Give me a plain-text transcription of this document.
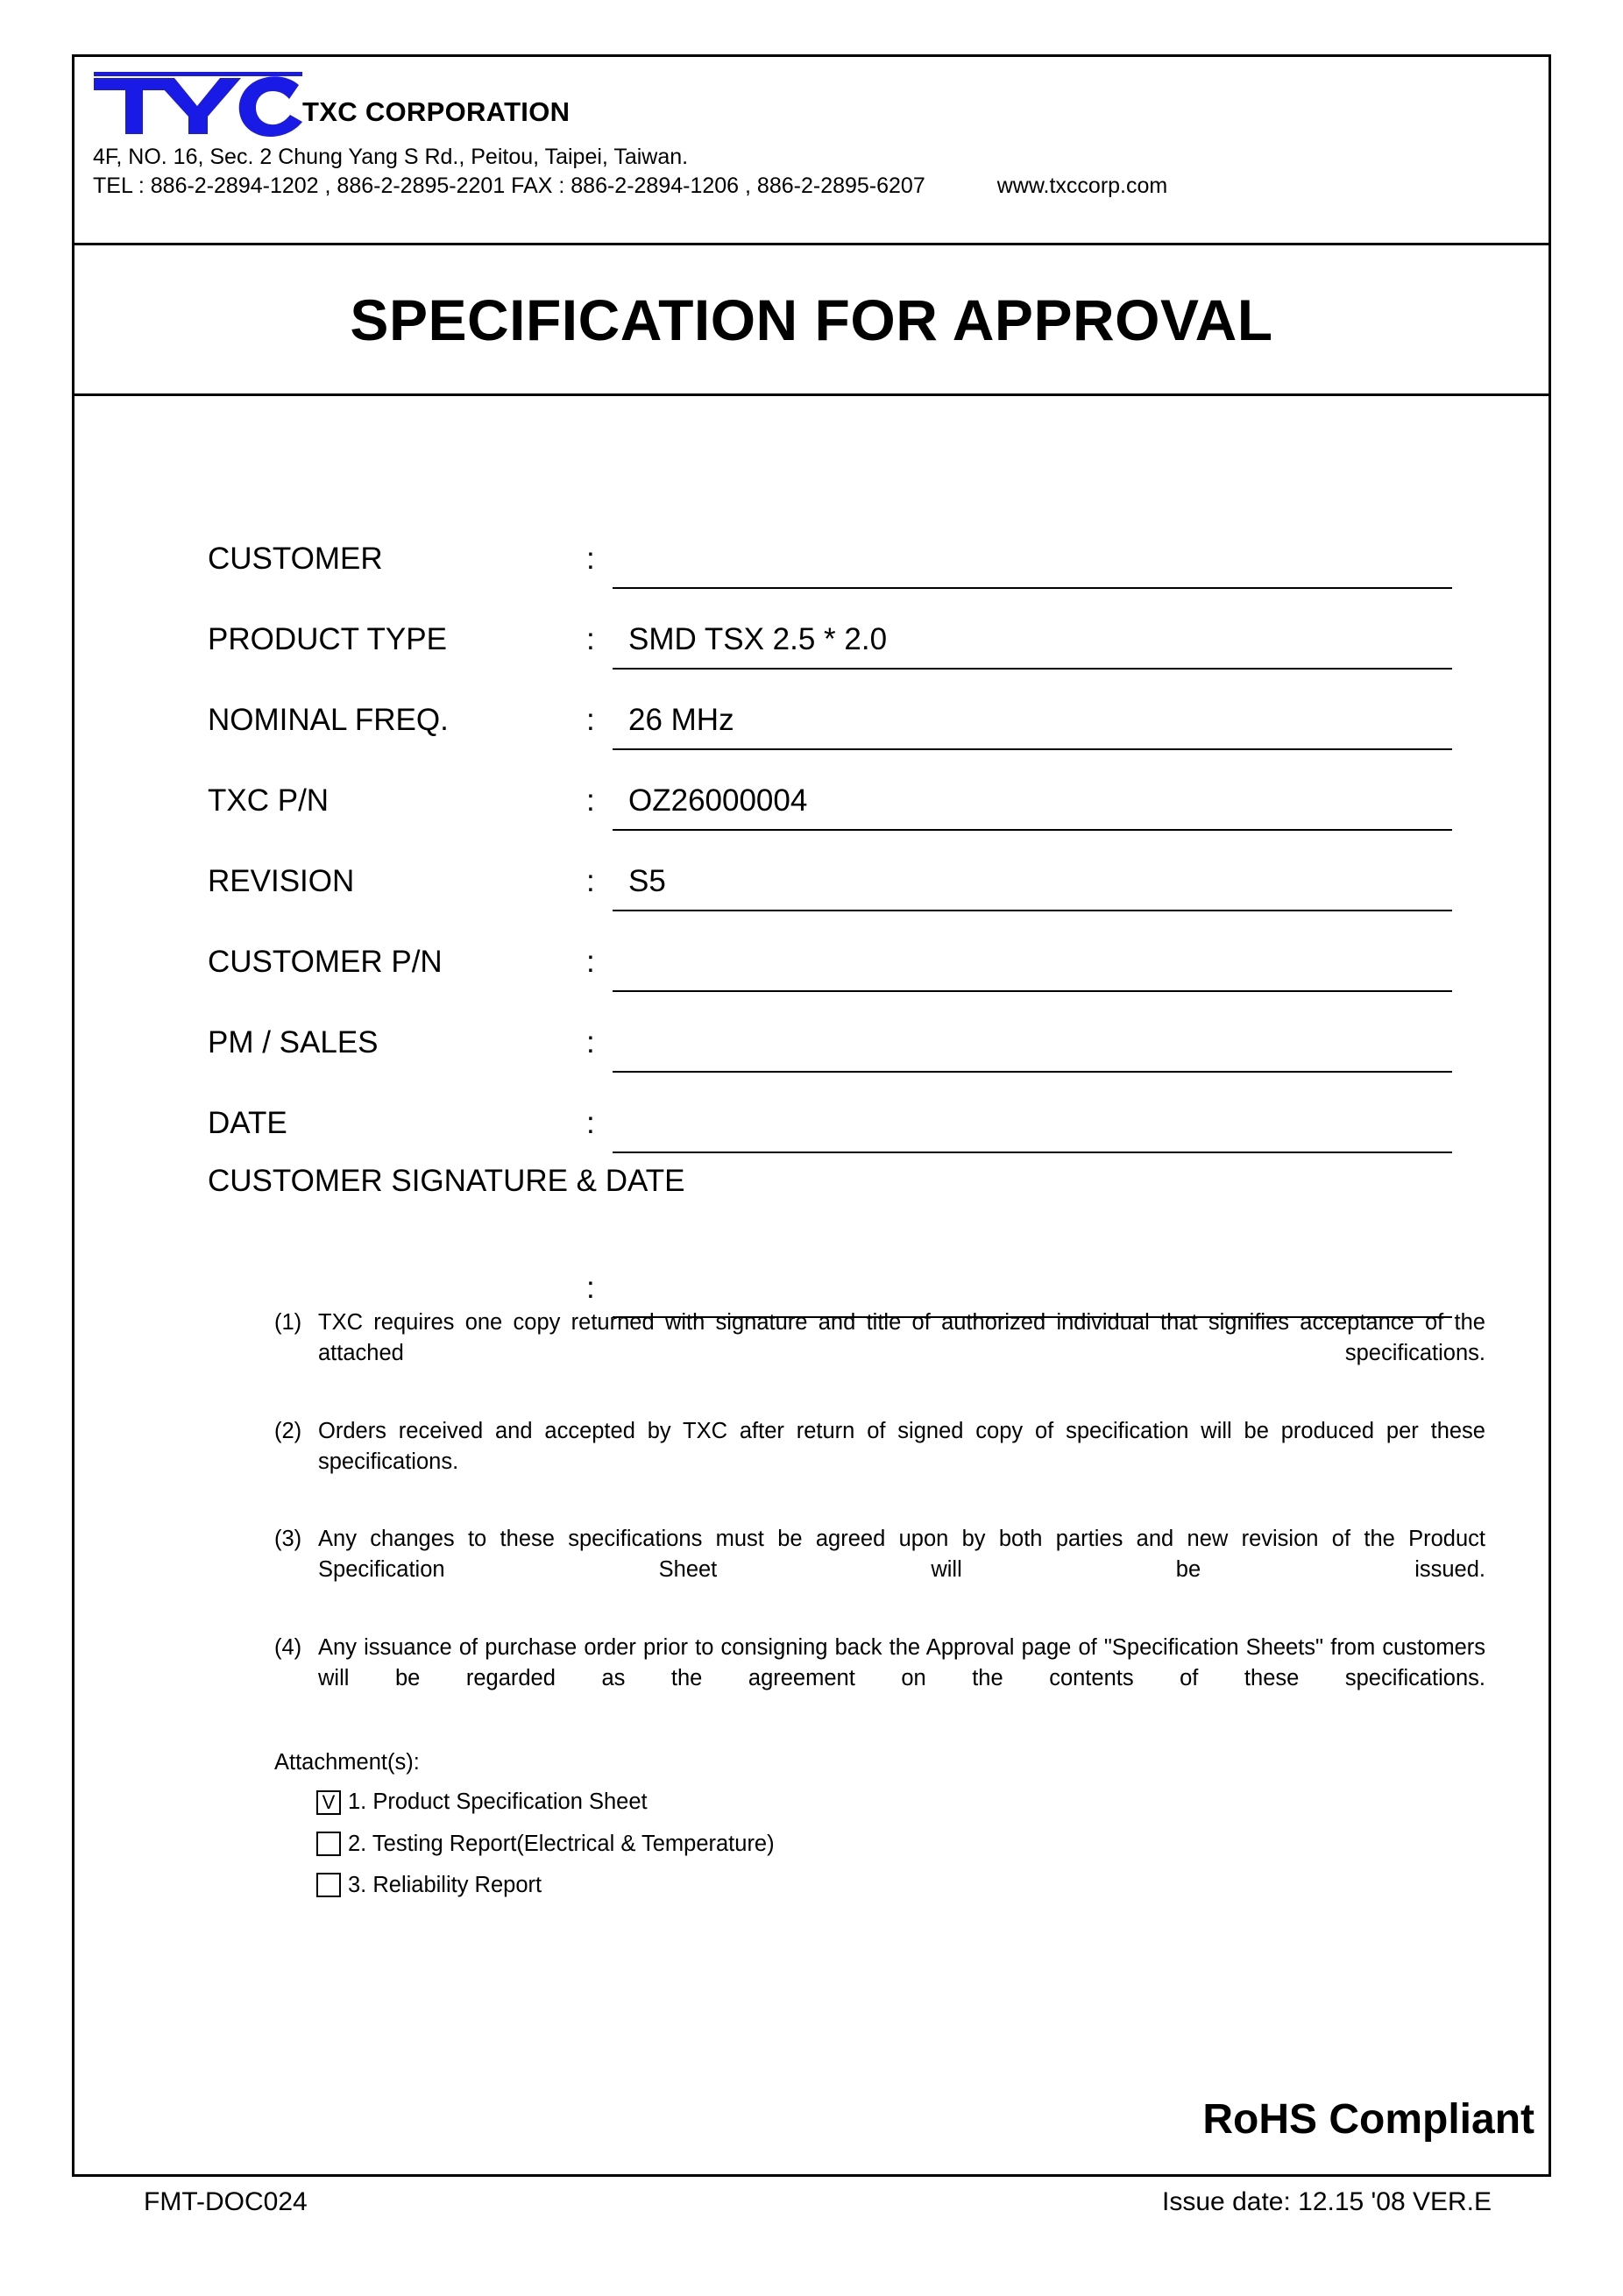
TXC CORPORATION
4F, NO. 16, Sec. 2 Chung Yang S Rd., Peitou, Taipei, Taiwan.
TEL : 886-2-2894-1202 , 886-2-2895-2201 FAX : 886-2-2894-1206 , 886-2-2895-6207	www.txccorp.com
SPECIFICATION FOR APPROVAL
CUSTOMER	:
PRODUCT TYPE	:	SMD TSX 2.5 * 2.0
NOMINAL FREQ.	:	26 MHz
TXC P/N	:	OZ26000004
REVISION	:	S5
CUSTOMER P/N	:
PM / SALES	:
DATE	:
CUSTOMER SIGNATURE & DATE
:
(1) TXC requires one copy returned with signature and title of authorized individual that signifies acceptance of the attached specifications.
(2) Orders received and accepted by TXC after return of signed copy of specification will be produced per these specifications.
(3) Any changes to these specifications must be agreed upon by both parties and new revision of the Product Specification Sheet will be issued.
(4) Any issuance of purchase order prior to consigning back the Approval page of "Specification Sheets" from customers will be regarded as the agreement on the contents of these specifications.
Attachment(s):
V 1. Product Specification Sheet
2. Testing Report(Electrical & Temperature)
3. Reliability Report
RoHS Compliant
FMT-DOC024	Issue date: 12.15 '08 VER.E
